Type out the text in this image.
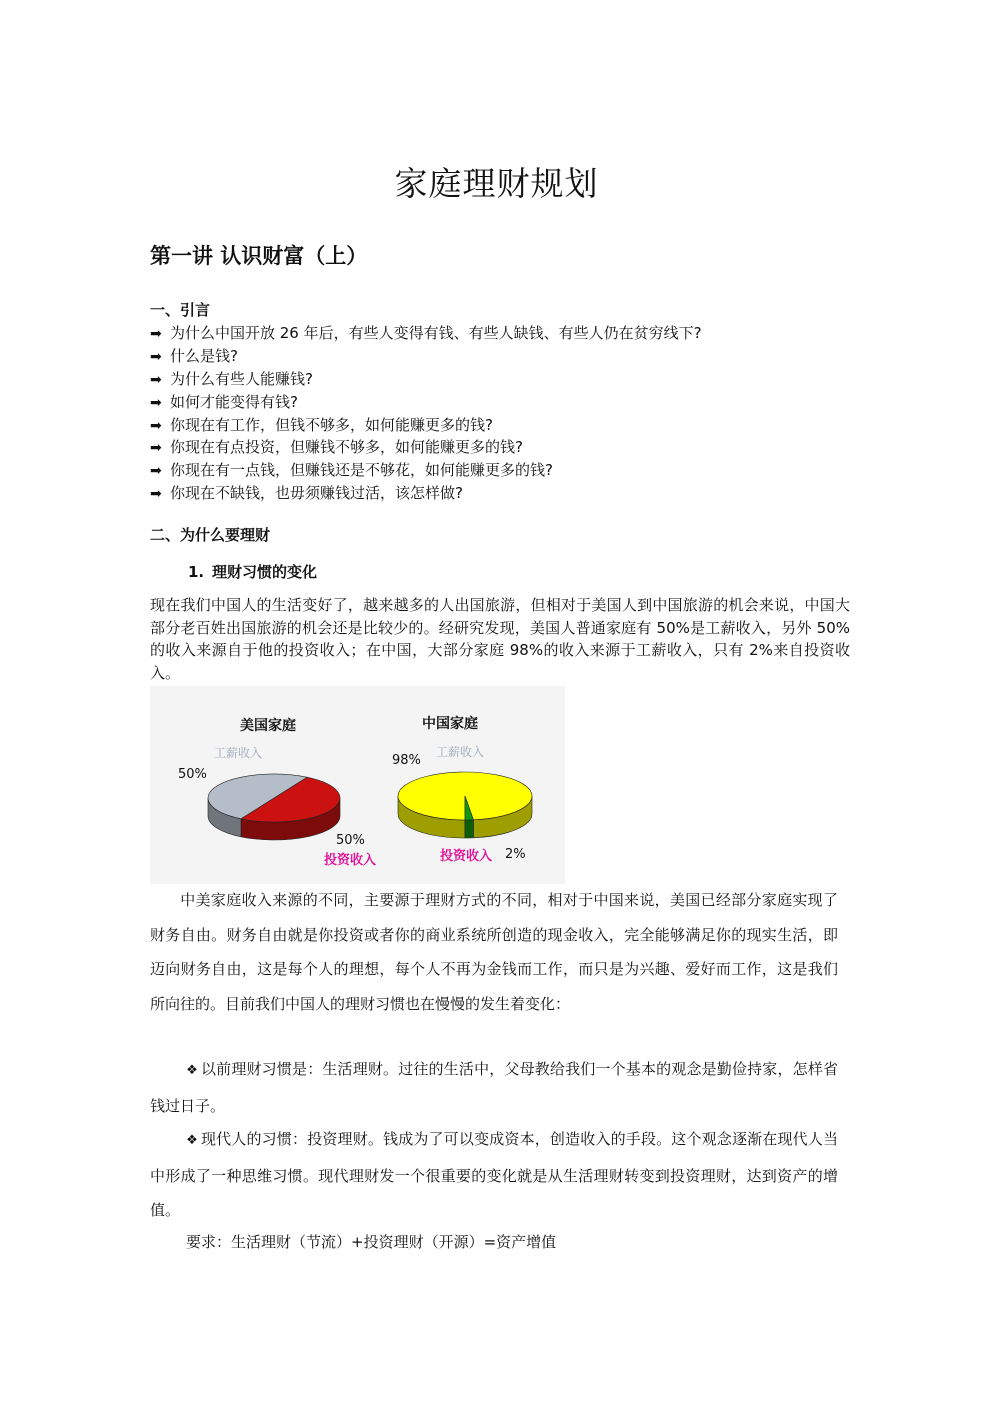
家庭理财规划
第一讲 认识财富（上）
一、引言
➡ 为什么中国开放 26 年后，有些人变得有钱、有些人缺钱、有些人仍在贫穷线下?
➡ 什么是钱?
➡ 为什么有些人能赚钱?
➡ 如何才能变得有钱?
➡ 你现在有工作，但钱不够多，如何能赚更多的钱?
➡ 你现在有点投资，但赚钱不够多，如何能赚更多的钱?
➡ 你现在有一点钱，但赚钱还是不够花，如何能赚更多的钱?
➡ 你现在不缺钱，也毋须赚钱过活，该怎样做?
二、为什么要理财
1. 理财习惯的变化

现在我们中国人的生活变好了，越来越多的人出国旅游，但相对于美国人到中国旅游的机会来说，中国大部分老百姓出国旅游的机会还是比较少的。经研究发现，美国人普通家庭有 50%是工薪收入，另外 50%的收入来源自于他的投资收入；在中国，大部分家庭 98%的收入来源于工薪收入，只有 2%来自投资收入。

美国家庭
工薪收入
50%
50%
投资收入
中国家庭
工薪收入
98%
2%
投资收入

中美家庭收入来源的不同，主要源于理财方式的不同，相对于中国来说，美国已经部分家庭实现了财务自由。财务自由就是你投资或者你的商业系统所创造的现金收入，完全能够满足你的现实生活，即迈向财务自由，这是每个人的理想，每个人不再为金钱而工作，而只是为兴趣、爱好而工作，这是我们所向往的。目前我们中国人的理财习惯也在慢慢的发生着变化：

❖ 以前理财习惯是：生活理财。过往的生活中，父母教给我们一个基本的观念是勤俭持家，怎样省钱过日子。

❖ 现代人的习惯：投资理财。钱成为了可以变成资本，创造收入的手段。这个观念逐渐在现代人当中形成了一种思维习惯。现代理财发一个很重要的变化就是从生活理财转变到投资理财，达到资产的增值。

要求：生活理财（节流）+投资理财（开源）=资产增值
